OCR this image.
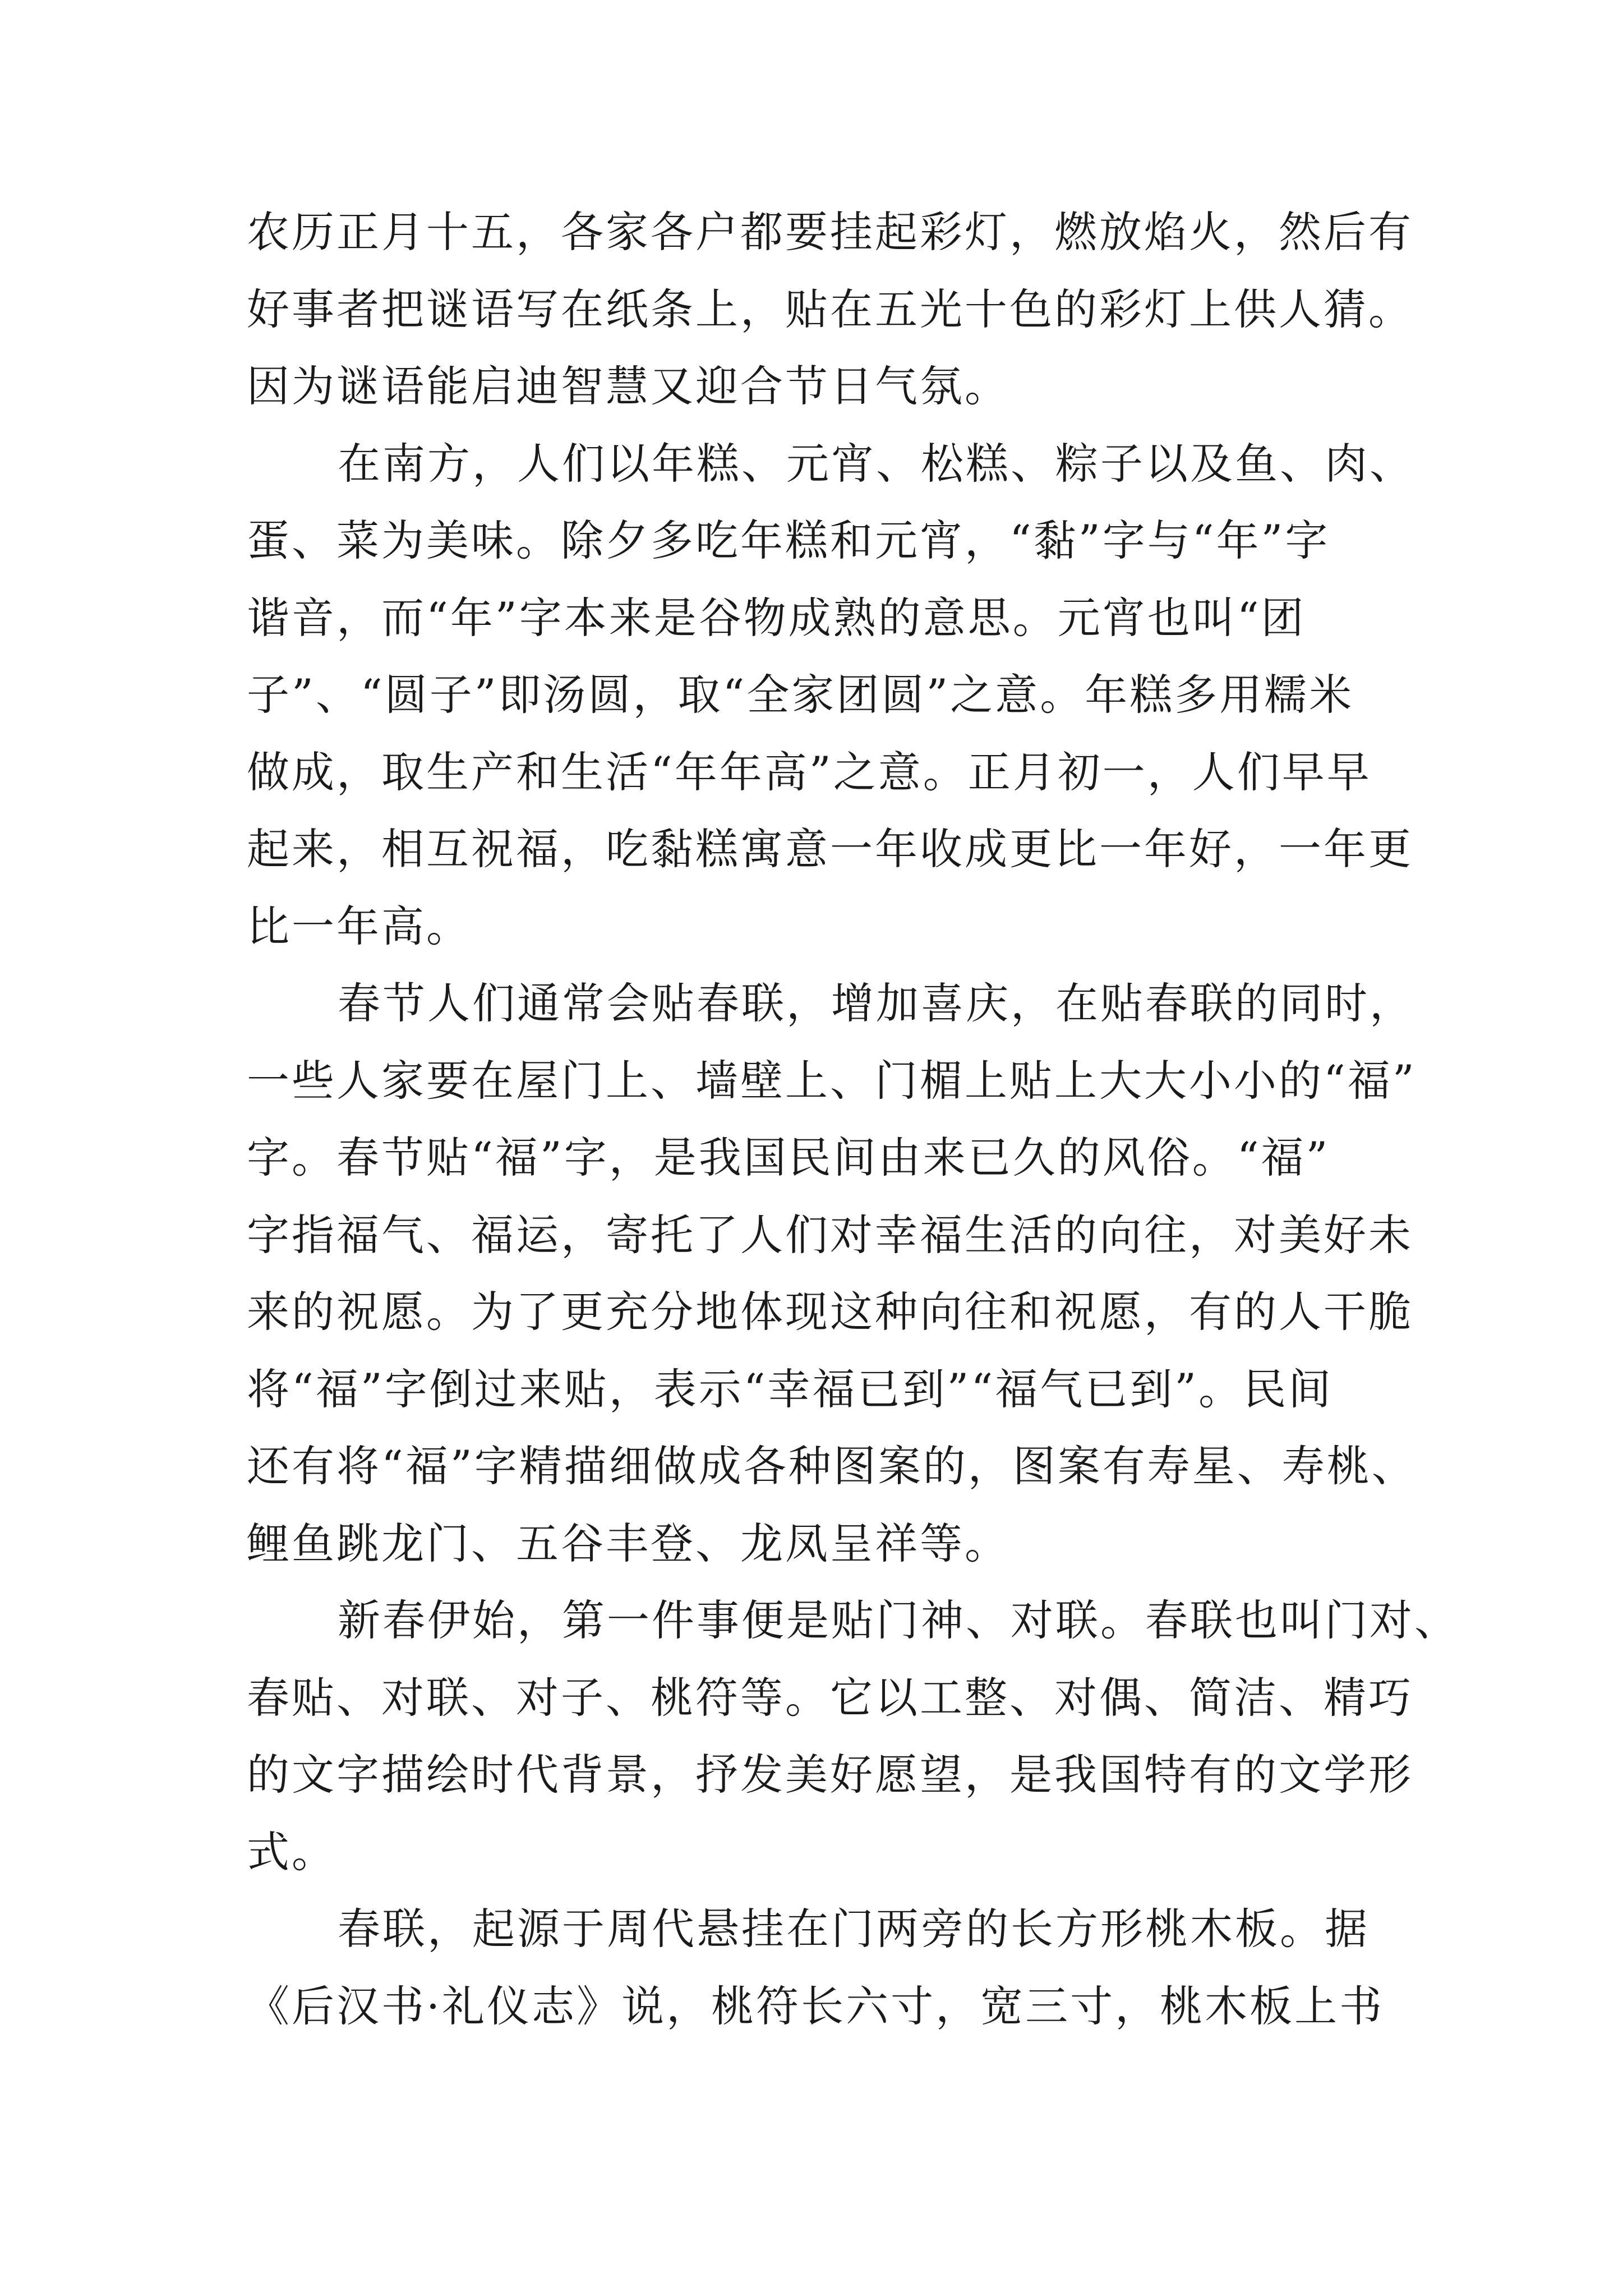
农历正月十五，各家各户都要挂起彩灯，燃放焰火，然后有
好事者把谜语写在纸条上，贴在五光十色的彩灯上供人猜。
因为谜语能启迪智慧又迎合节日气氛。
在南方，人们以年糕、元宵、松糕、粽子以及鱼、肉、
蛋、菜为美味。除夕多吃年糕和元宵，“黏”字与“年”字
谐音，而“年”字本来是谷物成熟的意思。元宵也叫“团
子”、“圆子”即汤圆，取“全家团圆”之意。年糕多用糯米
做成，取生产和生活“年年高”之意。正月初一，人们早早
起来，相互祝福，吃黏糕寓意一年收成更比一年好，一年更
比一年高。
春节人们通常会贴春联，增加喜庆，在贴春联的同时，
一些人家要在屋门上、墙壁上、门楣上贴上大大小小的“福”
字。春节贴“福”字，是我国民间由来已久的风俗。“福”
字指福气、福运，寄托了人们对幸福生活的向往，对美好未
来的祝愿。为了更充分地体现这种向往和祝愿，有的人干脆
将“福”字倒过来贴，表示“幸福已到”“福气已到”。民间
还有将“福”字精描细做成各种图案的，图案有寿星、寿桃、
鲤鱼跳龙门、五谷丰登、龙凤呈祥等。
新春伊始，第一件事便是贴门神、对联。春联也叫门对、
春贴、对联、对子、桃符等。它以工整、对偶、简洁、精巧
的文字描绘时代背景，抒发美好愿望，是我国特有的文学形
式。
春联，起源于周代悬挂在门两旁的长方形桃木板。据
《后汉书·礼仪志》说，桃符长六寸，宽三寸，桃木板上书
